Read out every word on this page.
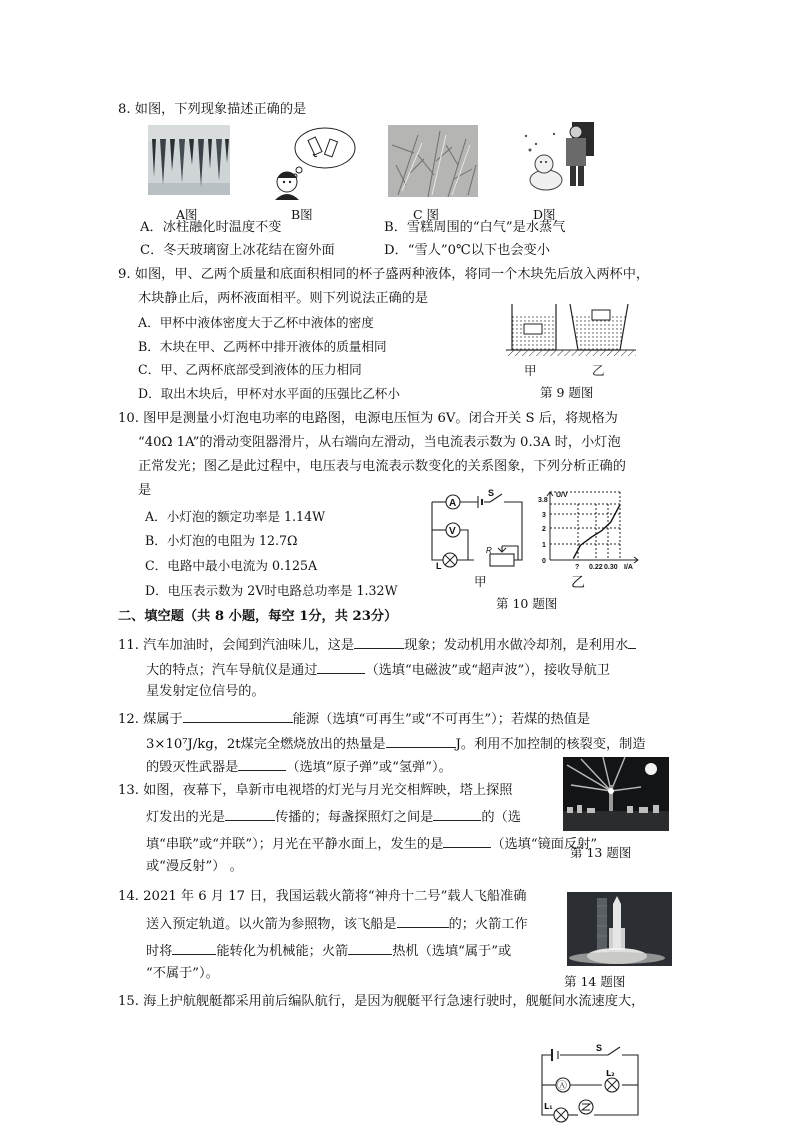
8. 如图，下列现象描述正确的是
A图	B图	C 图	D图
A．冰柱融化时温度不变	B．雪糕周围的“白气”是水蒸气
C．冬天玻璃窗上冰花结在窗外面	D．“雪人”0℃以下也会变小
9. 如图，甲、乙两个质量和底面积相同的杯子盛两种液体，将同一个木块先后放入两杯中，
木块静止后，两杯液面相平。则下列说法正确的是
A．甲杯中液体密度大于乙杯中液体的密度
B．木块在甲、乙两杯中排开液体的质量相同
C．甲、乙两杯底部受到液体的压力相同
D．取出木块后，甲杯对水平面的压强比乙杯小
甲	乙
第 9 题图
10. 图甲是测量小灯泡电功率的电路图，电源电压恒为 6V。闭合开关 S 后，将规格为
“40Ω 1A”的滑动变阻器滑片，从右端向左滑动，当电流表示数为 0.3A 时，小灯泡
正常发光；图乙是此过程中，电压表与电流表示数变化的关系图象，下列分析正确的
是
A．小灯泡的额定功率是 1.14W
B．小灯泡的电阻为 12.7Ω
C．电路中最小电流为 0.125A
D．电压表示数为 2V时电路总功率是 1.32W
A
V
S
L
R
甲
3.8
3
2
1
0
U/V
? 0.22 0.30 I/A
乙
第 10 题图
二、填空题（共 8 小题，每空 1分，共 23分）
11. 汽车加油时，会闻到汽油味儿，这是	现象；发动机用水做冷却剂，是利用水
大的特点；汽车导航仪是通过	（选填“电磁波”或“超声波”），接收导航卫
星发射定位信号的。
12. 煤属于	能源（选填“可再生”或“不可再生”）；若煤的热值是
3×10⁷J/kg，2t煤完全燃烧放出的热量是	J。利用不加控制的核裂变，制造
的毁灭性武器是	（选填“原子弹”或“氢弹”）。
13. 如图，夜幕下，阜新市电视塔的灯光与月光交相辉映，塔上探照
灯发出的光是	传播的；每盏探照灯之间是	的（选
填“串联”或“并联”）；月光在平静水面上，发生的是	（选填“镜面反射”
或“漫反射”） 。
第 13 题图
14. 2021 年 6 月 17 日，我国运载火箭将“神舟十二号”载人飞船准确
送入预定轨道。以火箭为参照物，该飞船是	的；火箭工作
时将	能转化为机械能；火箭	热机（选填“属于”或
“不属于”）。
第 14 题图
15. 海上护航舰艇都采用前后编队航行，是因为舰艇平行急速行驶时，舰艇间水流速度大，
S
Ⓐ
L₂
L₁
